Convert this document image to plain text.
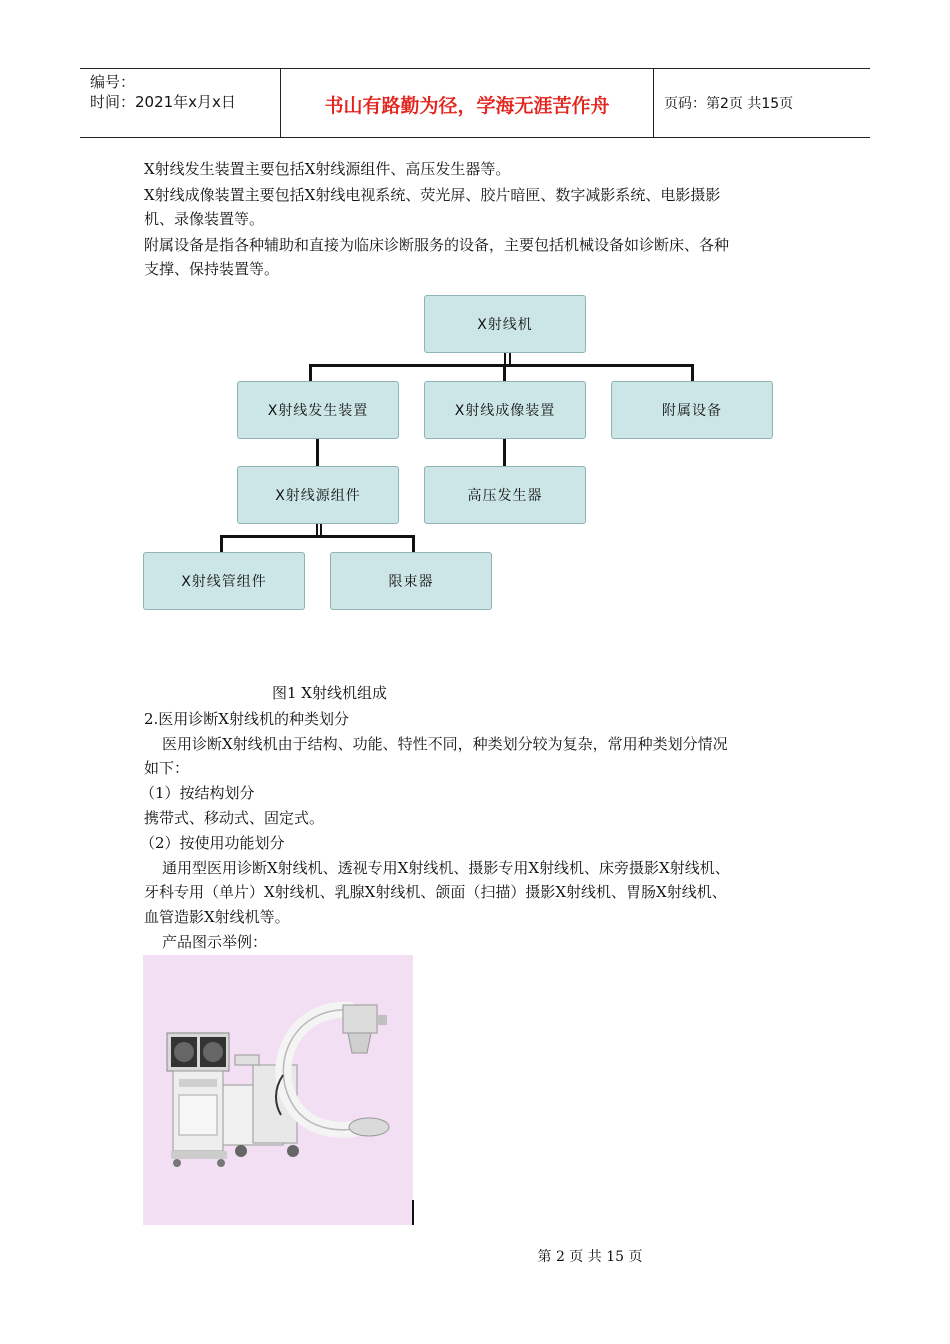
编号：
时间：2021年x月x日	书山有路勤为径，学海无涯苦作舟	页码：第2页 共15页
X射线发生装置主要包括X射线源组件、高压发生器等。
X射线成像装置主要包括X射线电视系统、荧光屏、胶片暗匣、数字减影系统、电影摄影
机、录像装置等。
附属设备是指各种辅助和直接为临床诊断服务的设备，主要包括机械设备如诊断床、各种
支撑、保持装置等。
X射线机
X射线发生装置	X射线成像装置	附属设备
X射线源组件	高压发生器
X射线管组件	限束器
图1 X射线机组成
2.医用诊断X射线机的种类划分
医用诊断X射线机由于结构、功能、特性不同，种类划分较为复杂，常用种类划分情况
如下：
（1）按结构划分
携带式、移动式、固定式。
（2）按使用功能划分
通用型医用诊断X射线机、透视专用X射线机、摄影专用X射线机、床旁摄影X射线机、
牙科专用（单片）X射线机、乳腺X射线机、颌面（扫描）摄影X射线机、胃肠X射线机、
血管造影X射线机等。
产品图示举例：
第 2 页 共 15 页
